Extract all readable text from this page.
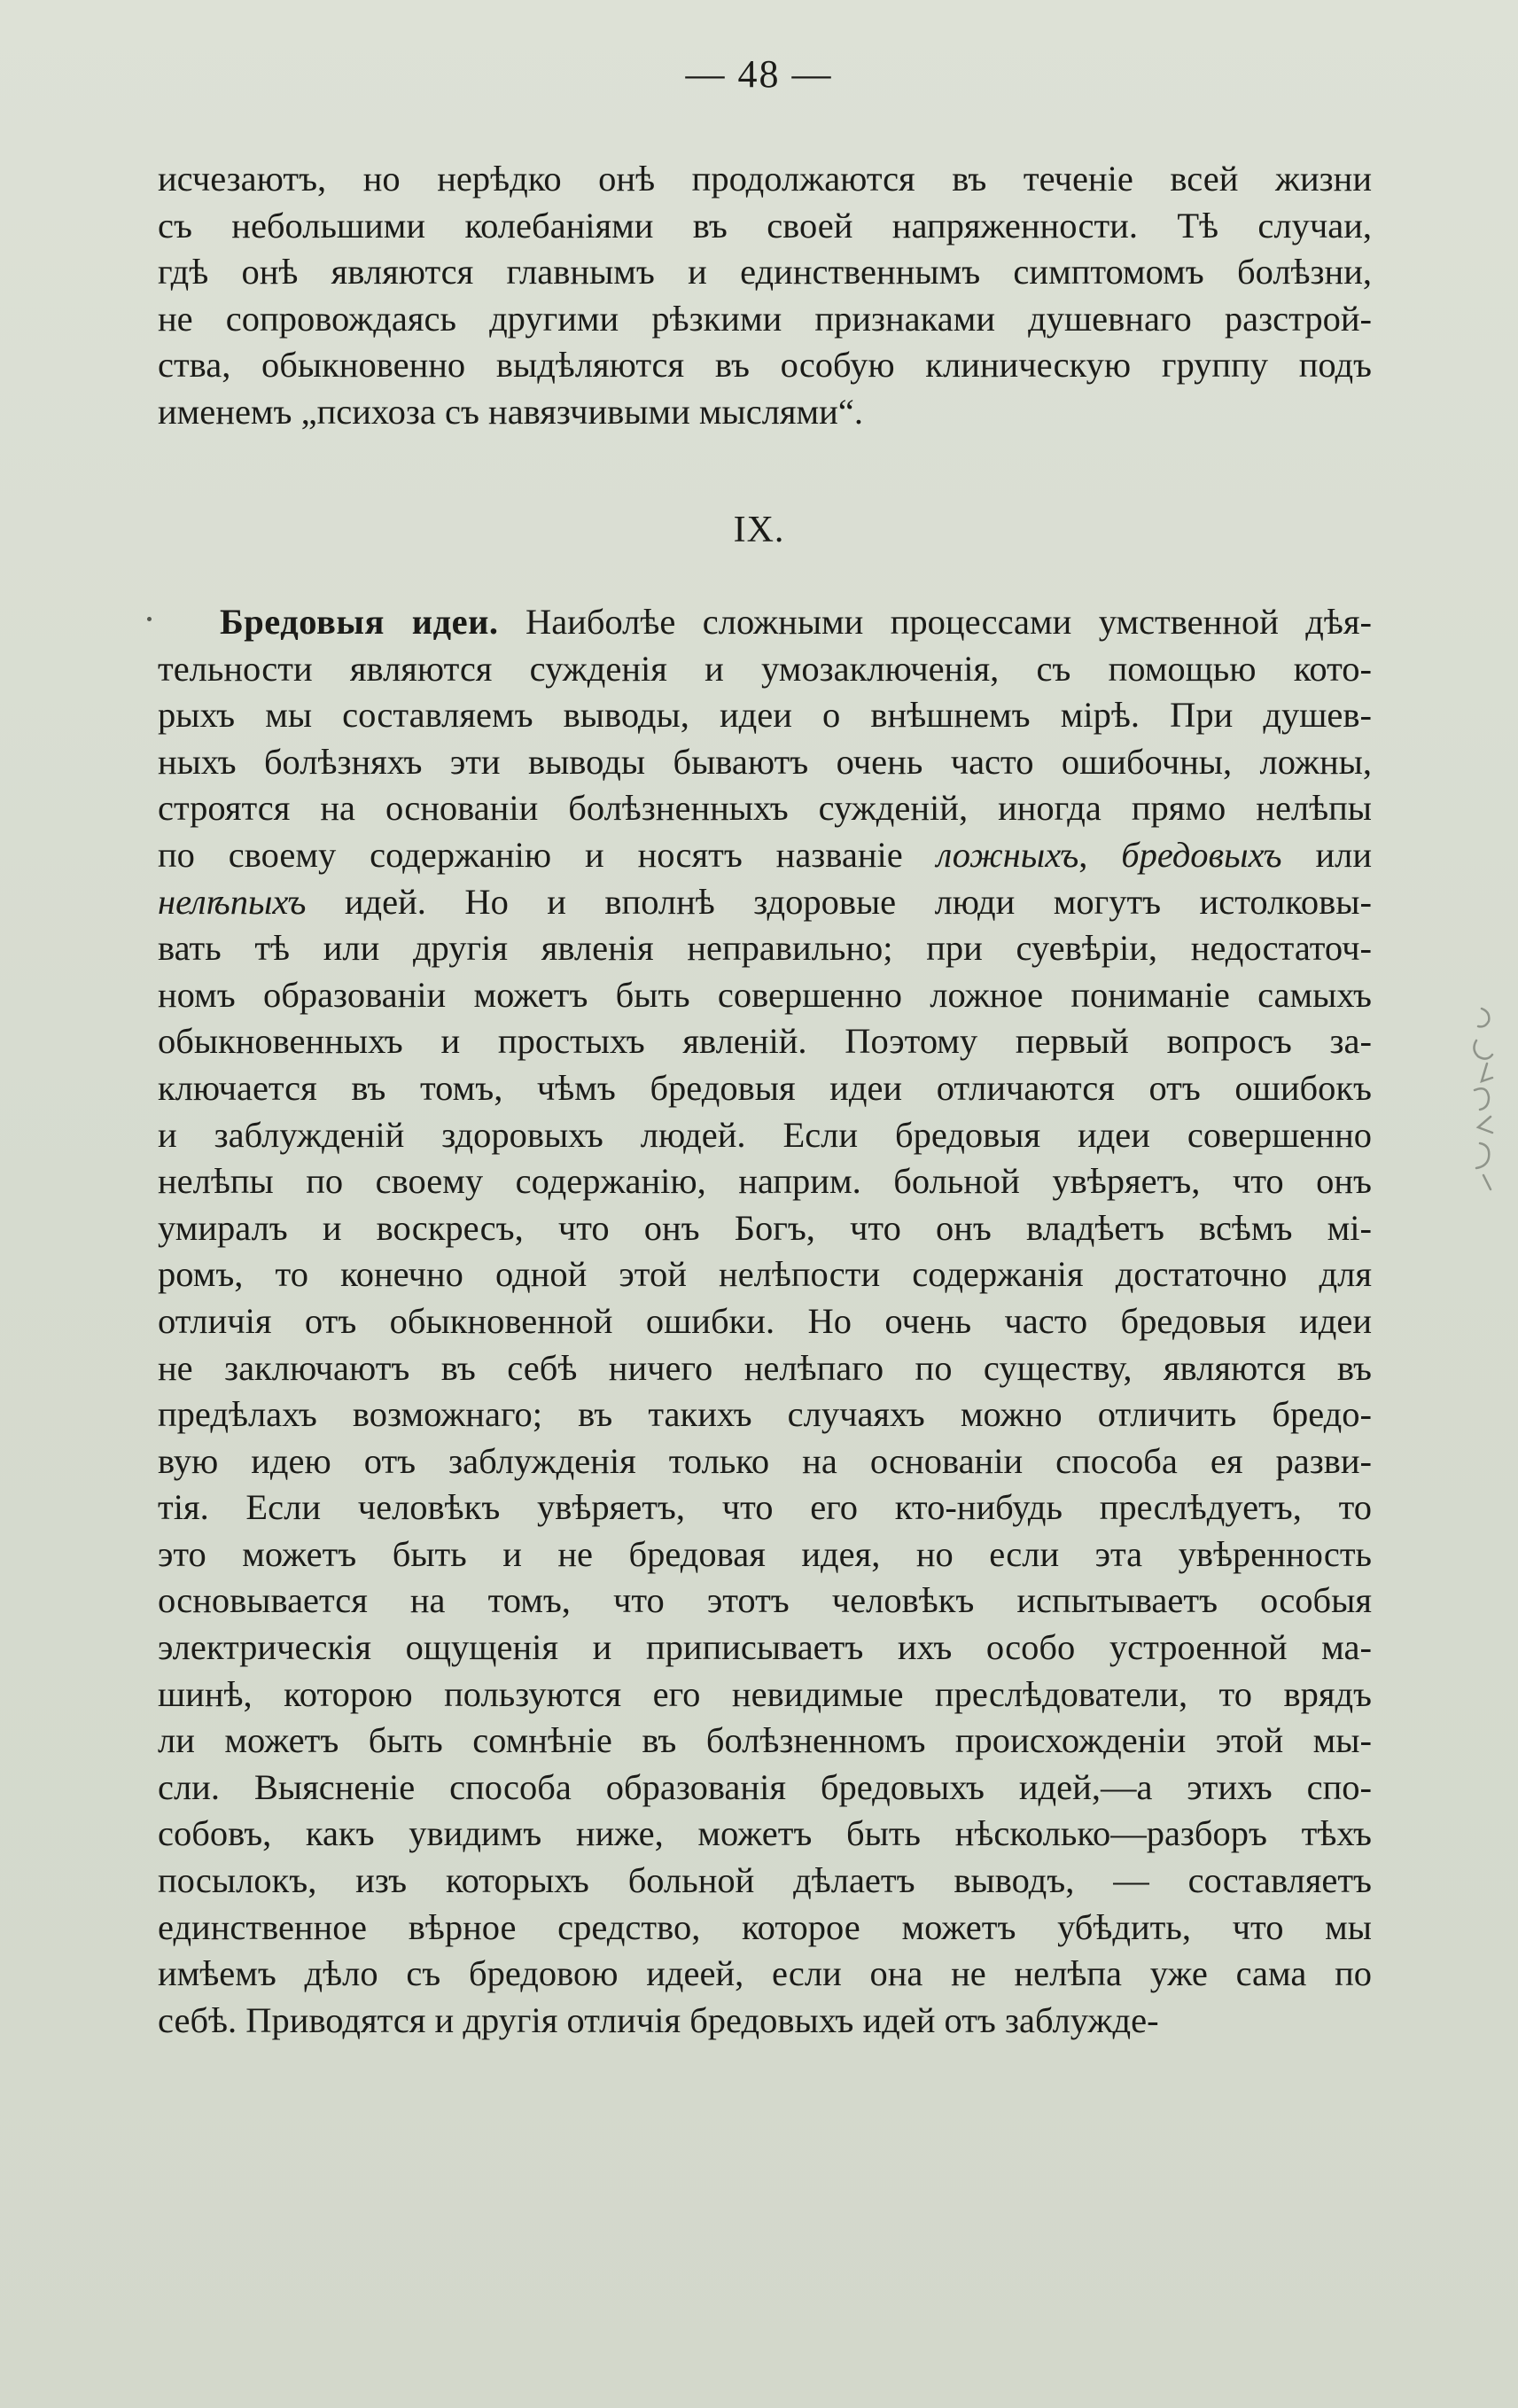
— 48 —
исчезаютъ, но нерѣдко онѣ продолжаются въ теченіе всей жизни
съ небольшими колебаніями въ своей напряженности. Тѣ случаи,
гдѣ онѣ являются главнымъ и единственнымъ симптомомъ болѣзни,
не сопровождаясь другими рѣзкими признаками душевнаго разстрой-
ства, обыкновенно выдѣляются въ особую клиническую группу подъ
именемъ „психоза съ навязчивыми мыслями“.
IX.
Бредовыя идеи. Наиболѣе сложными процессами умственной дѣя-
тельности являются сужденія и умозаключенія, съ помощью кото-
рыхъ мы составляемъ выводы, идеи о внѣшнемъ мірѣ. При душев-
ныхъ болѣзняхъ эти выводы бываютъ очень часто ошибочны, ложны,
строятся на основаніи болѣзненныхъ сужденій, иногда прямо нелѣпы
по своему содержанію и носятъ названіе ложныхъ, бредовыхъ или
нелѣпыхъ идей. Но и вполнѣ здоровые люди могутъ истолковы-
вать тѣ или другія явленія неправильно; при суевѣріи, недостаточ-
номъ образованіи можетъ быть совершенно ложное пониманіе самыхъ
обыкновенныхъ и простыхъ явленій. Поэтому первый вопросъ за-
ключается въ томъ, чѣмъ бредовыя идеи отличаются отъ ошибокъ
и заблужденій здоровыхъ людей. Если бредовыя идеи совершенно
нелѣпы по своему содержанію, наприм. больной увѣряетъ, что онъ
умиралъ и воскресъ, что онъ Богъ, что онъ владѣетъ всѣмъ мі-
ромъ, то конечно одной этой нелѣпости содержанія достаточно для
отличія отъ обыкновенной ошибки. Но очень часто бредовыя идеи
не заключаютъ въ себѣ ничего нелѣпаго по существу, являются въ
предѣлахъ возможнаго; въ такихъ случаяхъ можно отличить бредо-
вую идею отъ заблужденія только на основаніи способа ея разви-
тія. Если человѣкъ увѣряетъ, что его кто-нибудь преслѣдуетъ, то
это можетъ быть и не бредовая идея, но если эта увѣренность
основывается на томъ, что этотъ человѣкъ испытываетъ особыя
электрическія ощущенія и приписываетъ ихъ особо устроенной ма-
шинѣ, которою пользуются его невидимые преслѣдователи, то врядъ
ли можетъ быть сомнѣніе въ болѣзненномъ происхожденіи этой мы-
сли. Выясненіе способа образованія бредовыхъ идей,—а этихъ спо-
собовъ, какъ увидимъ ниже, можетъ быть нѣсколько—разборъ тѣхъ
посылокъ, изъ которыхъ больной дѣлаетъ выводъ, — составляетъ
единственное вѣрное средство, которое можетъ убѣдить, что мы
имѣемъ дѣло съ бредовою идеей, если она не нелѣпа уже сама по
себѣ. Приводятся и другія отличія бредовыхъ идей отъ заблужде-
